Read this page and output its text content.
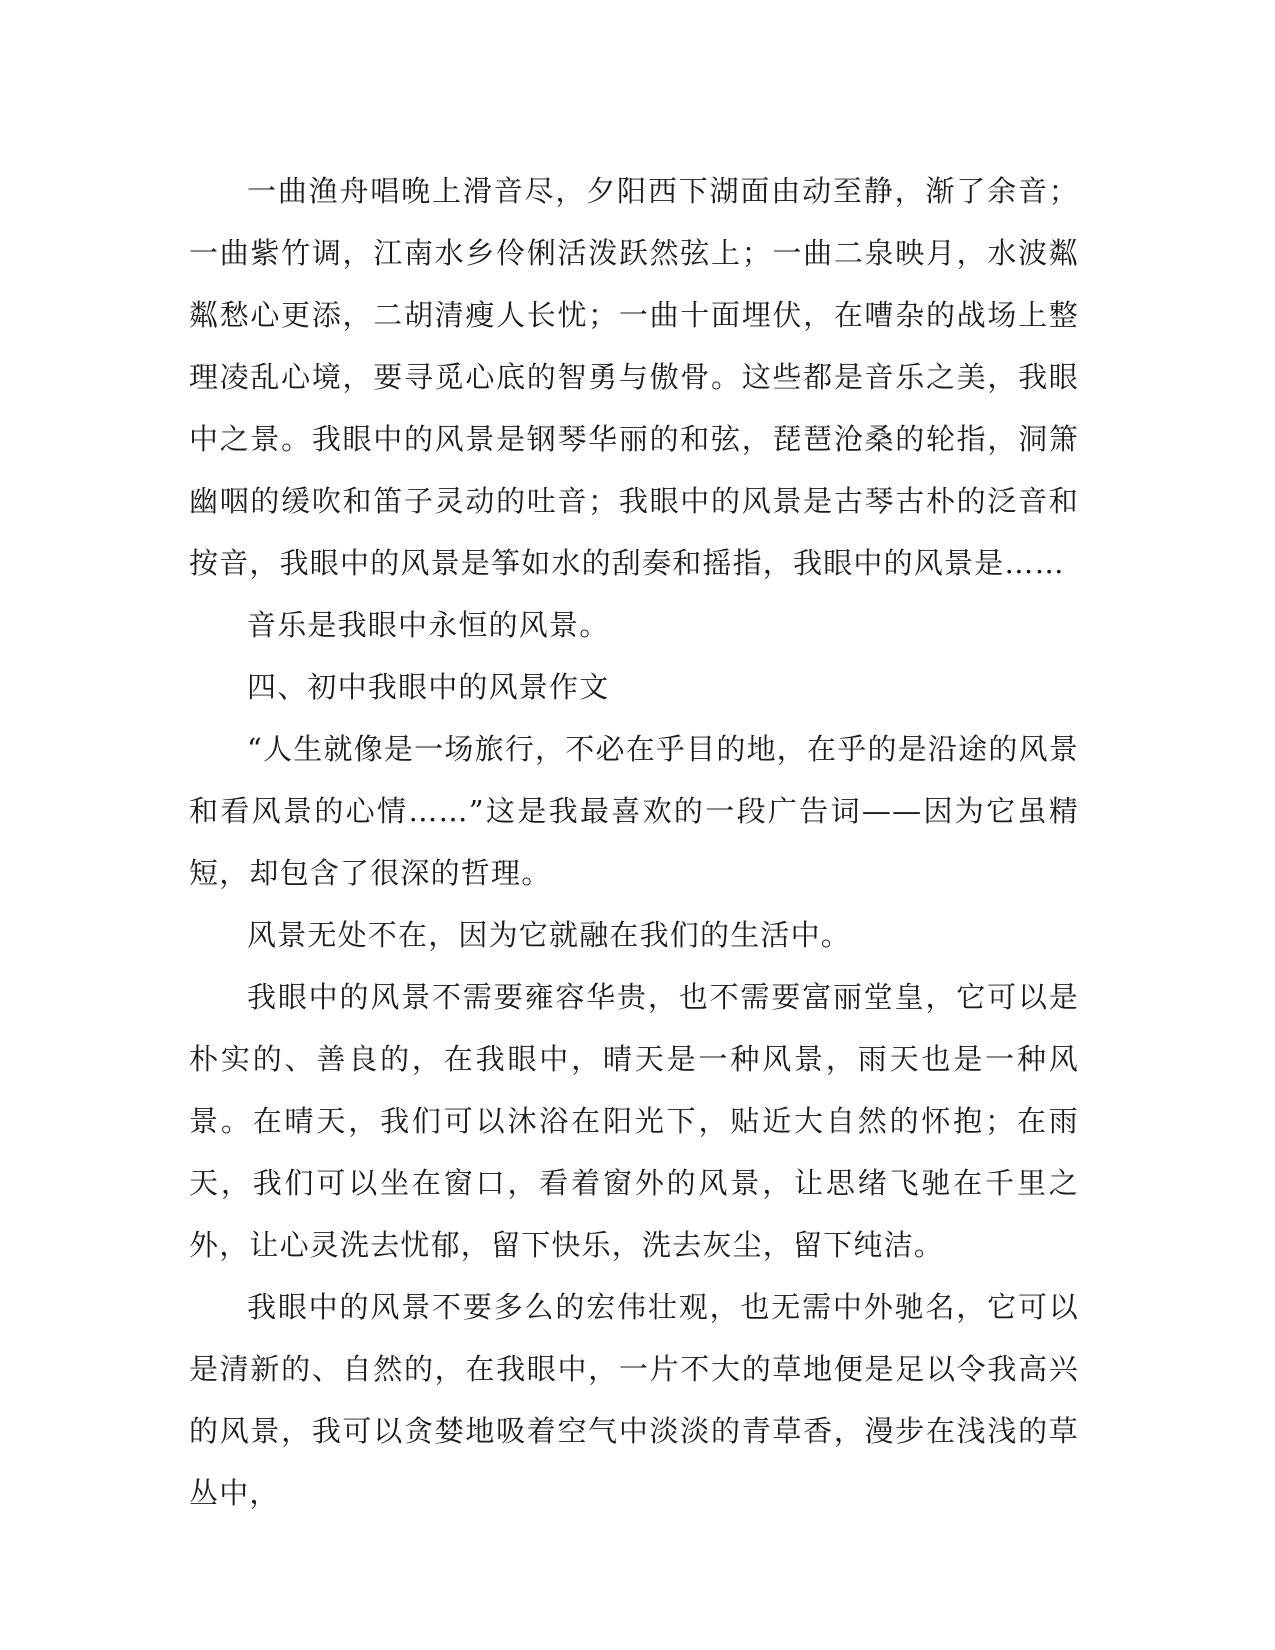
一曲渔舟唱晚上滑音尽，夕阳西下湖面由动至静，渐了余音；一曲紫竹调，江南水乡伶俐活泼跃然弦上；一曲二泉映月，水波粼粼愁心更添，二胡清瘦人长忧；一曲十面埋伏，在嘈杂的战场上整理凌乱心境，要寻觅心底的智勇与傲骨。这些都是音乐之美，我眼中之景。我眼中的风景是钢琴华丽的和弦，琵琶沧桑的轮指，洞箫幽咽的缓吹和笛子灵动的吐音；我眼中的风景是古琴古朴的泛音和按音，我眼中的风景是筝如水的刮奏和摇指，我眼中的风景是……

音乐是我眼中永恒的风景。

四、初中我眼中的风景作文

“人生就像是一场旅行，不必在乎目的地，在乎的是沿途的风景和看风景的心情……”这是我最喜欢的一段广告词——因为它虽精短，却包含了很深的哲理。

风景无处不在，因为它就融在我们的生活中。

我眼中的风景不需要雍容华贵，也不需要富丽堂皇，它可以是朴实的、善良的，在我眼中，晴天是一种风景，雨天也是一种风景。在晴天，我们可以沐浴在阳光下，贴近大自然的怀抱；在雨天，我们可以坐在窗口，看着窗外的风景，让思绪飞驰在千里之外，让心灵洗去忧郁，留下快乐，洗去灰尘，留下纯洁。

我眼中的风景不要多么的宏伟壮观，也无需中外驰名，它可以是清新的、自然的，在我眼中，一片不大的草地便是足以令我高兴的风景，我可以贪婪地吸着空气中淡淡的青草香，漫步在浅浅的草丛中，
